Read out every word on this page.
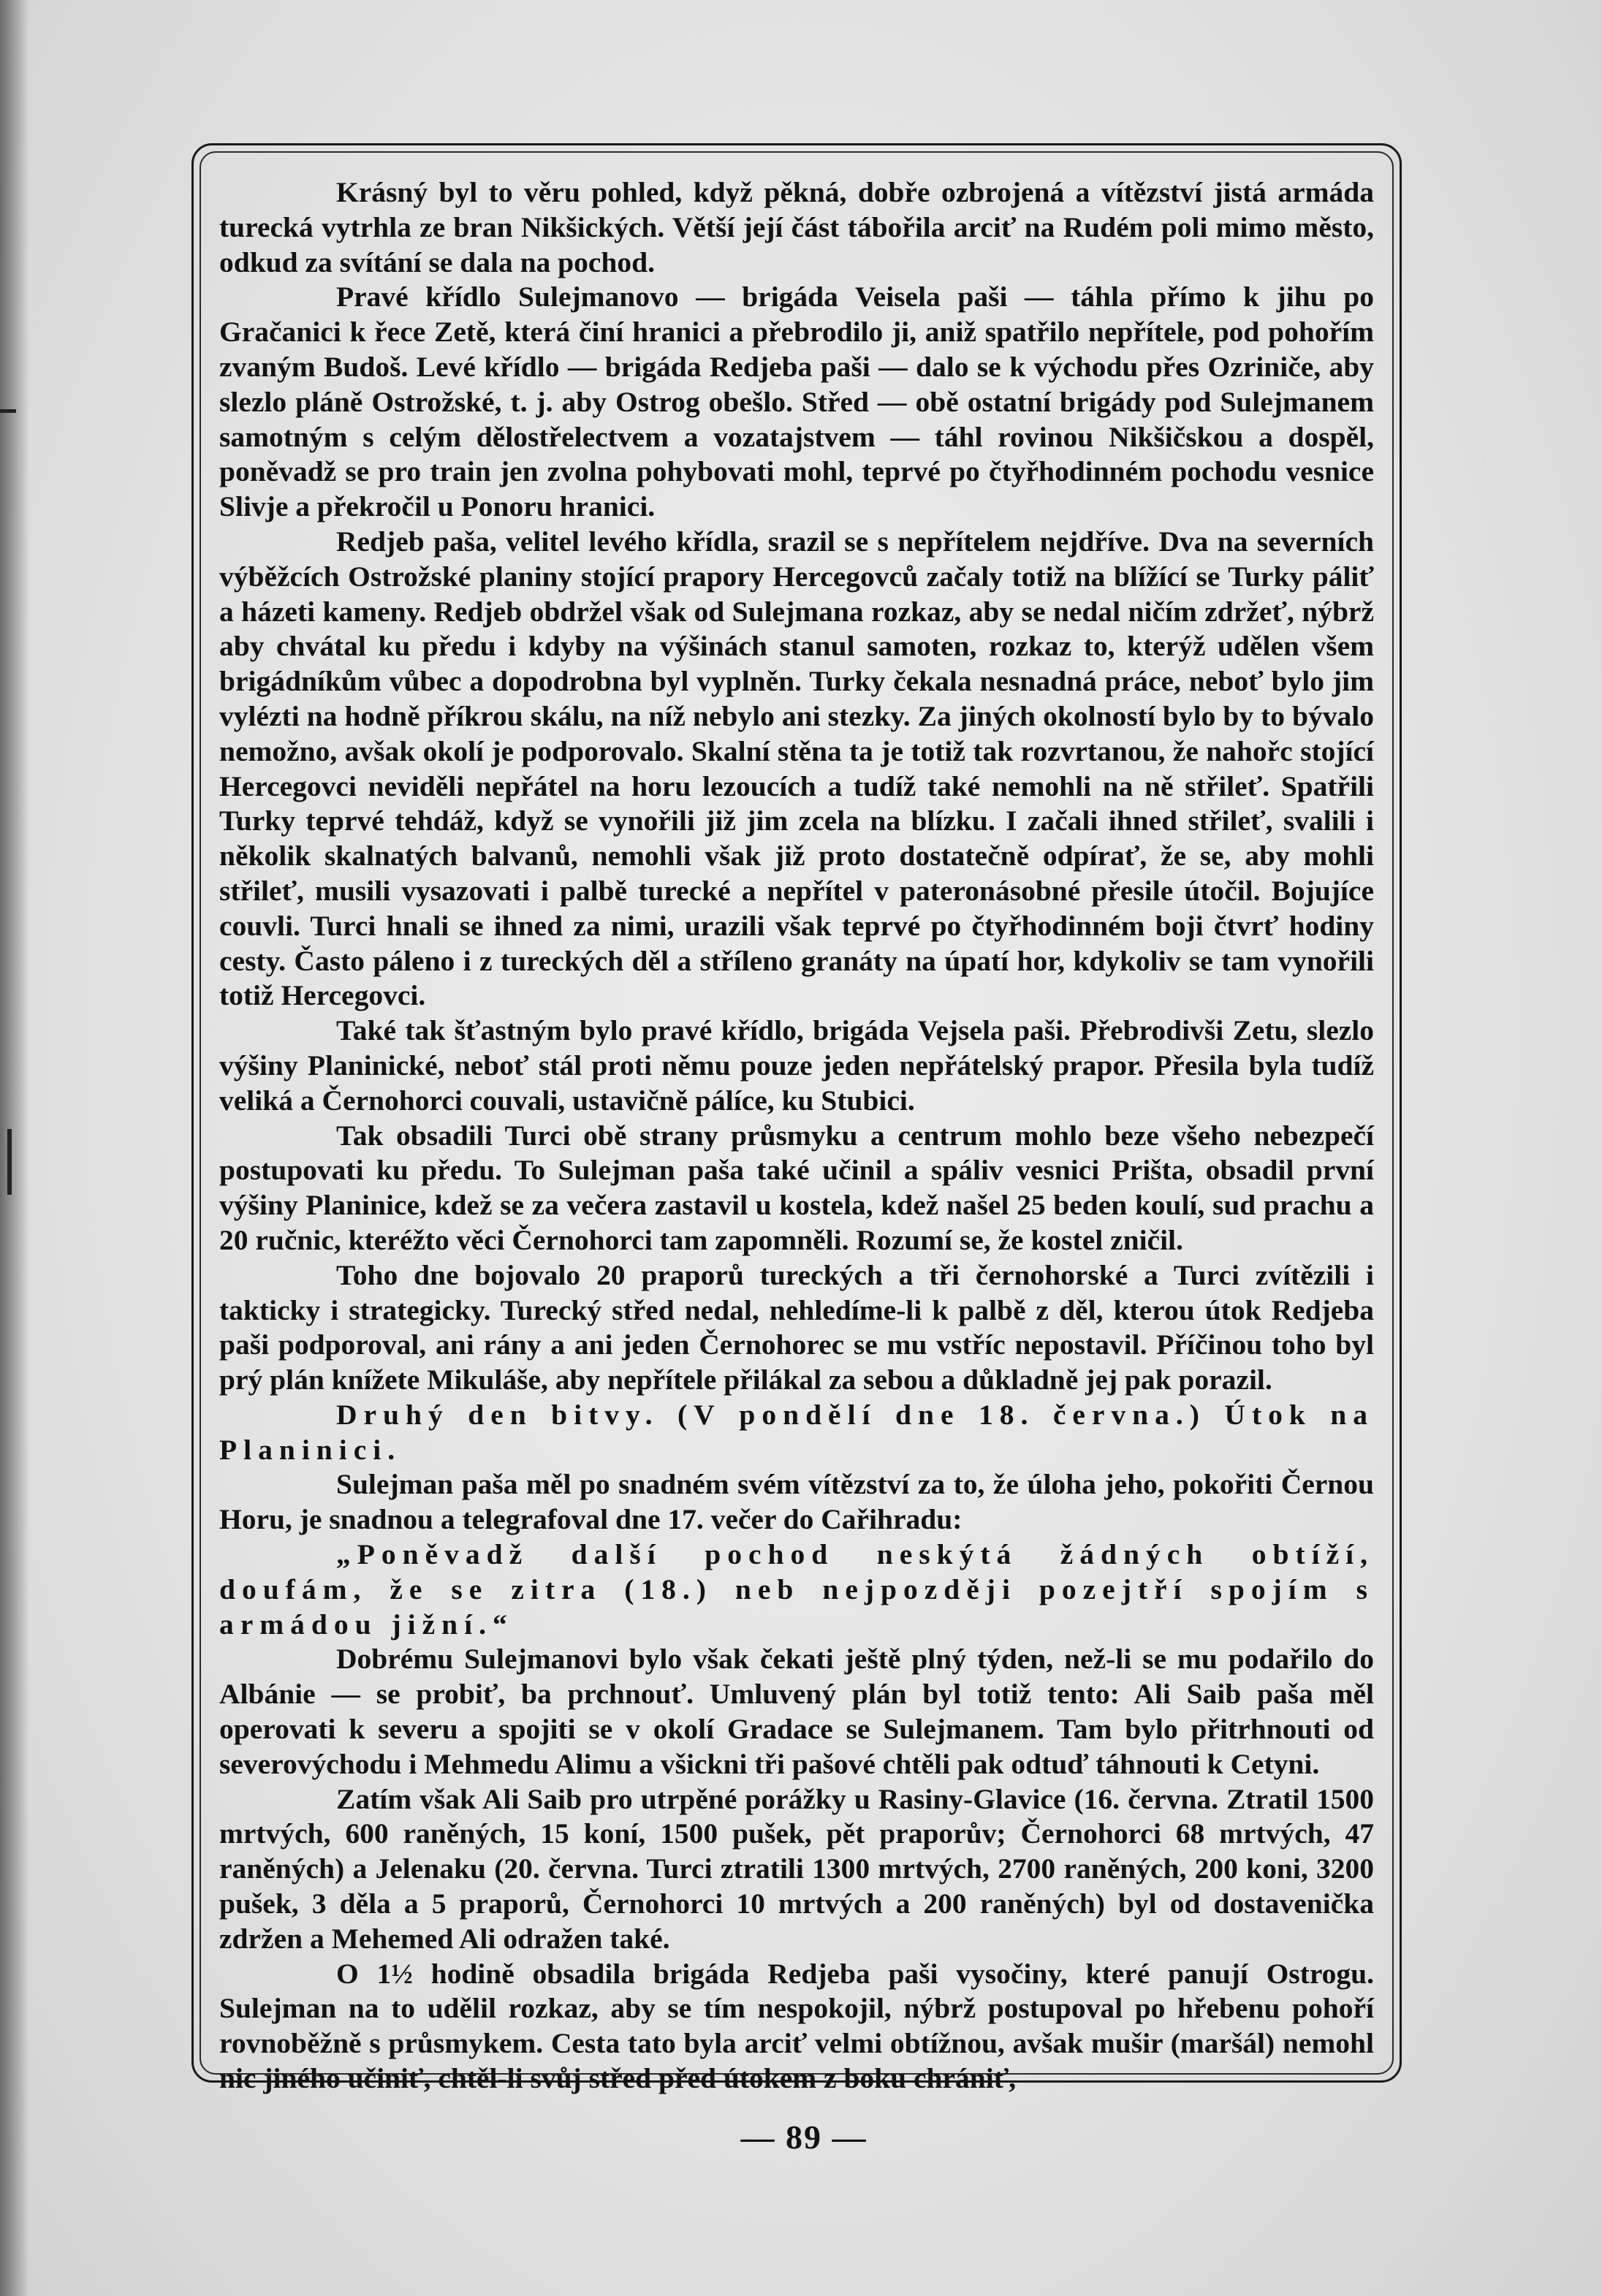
Krásný byl to věru pohled, když pěkná, dobře ozbrojená a vítězství jistá armáda turecká vytrhla ze bran Nikšických. Větší její část tábořila arciť na Rudém poli mimo město, odkud za svítání se dala na pochod.

Pravé křídlo Sulejmanovo — brigáda Veisela paši — táhla přímo k jihu po Gračanici k řece Zetě, která činí hranici a přebrodilo ji, aniž spatřilo nepřítele, pod pohořím zvaným Budoš. Levé křídlo — brigáda Redjeba paši — dalo se k východu přes Ozriniče, aby slezlo pláně Ostrožské, t. j. aby Ostrog obešlo. Střed — obě ostatní brigády pod Sulejmanem samotným s celým dělostřelectvem a vozatajstvem — táhl rovinou Nikšičskou a dospěl, poněvadž se pro train jen zvolna pohybovati mohl, teprvé po čtyřhodinném pochodu vesnice Slivje a překročil u Ponoru hranici.

Redjeb paša, velitel levého křídla, srazil se s nepřítelem nejdříve. Dva na severních výběžcích Ostrožské planiny stojící prapory Hercegovců začaly totiž na blížící se Turky páliť a házeti kameny. Redjeb obdržel však od Sulejmana rozkaz, aby se nedal ničím zdržeť, nýbrž aby chvátal ku předu i kdyby na výšinách stanul samoten, rozkaz to, kterýž udělen všem brigádníkům vůbec a dopodrobna byl vyplněn. Turky čekala nesnadná práce, neboť bylo jim vylézti na hodně příkrou skálu, na níž nebylo ani stezky. Za jiných okolností bylo by to bývalo nemožno, avšak okolí je podporovalo. Skalní stěna ta je totiž tak rozvrtanou, že nahořc stojící Hercegovci neviděli nepřátel na horu lezoucích a tudíž také nemohli na ně střileť. Spatřili Turky teprvé tehdáž, když se vynořili již jim zcela na blízku. I začali ihned střileť, svalili i několik skalnatých balvanů, nemohli však již proto dostatečně odpírať, že se, aby mohli střileť, musili vysazovati i palbě turecké a nepřítel v pateronásobné přesile útočil. Bojujíce couvli. Turci hnali se ihned za nimi, urazili však teprvé po čtyřhodinném boji čtvrť hodiny cesty. Často páleno i z tureckých děl a stříleno granáty na úpatí hor, kdykoliv se tam vynořili totiž Hercegovci.

Také tak šťastným bylo pravé křídlo, brigáda Vejsela paši. Přebrodivši Zetu, slezlo výšiny Planinické, neboť stál proti němu pouze jeden nepřátelský prapor. Přesila byla tudíž veliká a Černohorci couvali, ustavičně pálíce, ku Stubici.

Tak obsadili Turci obě strany průsmyku a centrum mohlo beze všeho nebezpečí postupovati ku předu. To Sulejman paša také učinil a spáliv vesnici Prišta, obsadil první výšiny Planinice, kdež se za večera zastavil u kostela, kdež našel 25 beden koulí, sud prachu a 20 ručnic, kteréžto věci Černohorci tam zapomněli. Rozumí se, že kostel zničil.

Toho dne bojovalo 20 praporů tureckých a tři černohorské a Turci zvítězili i takticky i strategicky. Turecký střed nedal, nehledíme-li k palbě z děl, kterou útok Redjeba paši podporoval, ani rány a ani jeden Černohorec se mu vstříc nepostavil. Příčinou toho byl prý plán knížete Mikuláše, aby nepřítele přilákal za sebou a důkladně jej pak porazil.

Druhý den bitvy. (V pondělí dne 18. června.) Útok na Planinici.

Sulejman paša měl po snadném svém vítězství za to, že úloha jeho, pokořiti Černou Horu, je snadnou a telegrafoval dne 17. večer do Cařihradu:

„Poněvadž další pochod neskýtá žádných obtíží, doufám, že se zitra (18.) neb nejpozději pozejtří spojím s armádou jižní.“

Dobrému Sulejmanovi bylo však čekati ještě plný týden, než-li se mu podařilo do Albánie — se probiť, ba prchnouť. Umluvený plán byl totiž tento: Ali Saib paša měl operovati k severu a spojiti se v okolí Gradace se Sulejmanem. Tam bylo přitrhnouti od severovýchodu i Mehmedu Alimu a všickni tři pašové chtěli pak odtuď táhnouti k Cetyni.

Zatím však Ali Saib pro utrpěné porážky u Rasiny-Glavice (16. června. Ztratil 1500 mrtvých, 600 raněných, 15 koní, 1500 pušek, pět praporův; Černohorci 68 mrtvých, 47 raněných) a Jelenaku (20. června. Turci ztratili 1300 mrtvých, 2700 raněných, 200 koni, 3200 pušek, 3 děla a 5 praporů, Černohorci 10 mrtvých a 200 raněných) byl od dostavenička zdržen a Mehemed Ali odražen také.

O 1½ hodině obsadila brigáda Redjeba paši vysočiny, které panují Ostrogu. Sulejman na to udělil rozkaz, aby se tím nespokojil, nýbrž postupoval po hřebenu pohoří rovnoběžně s průsmykem. Cesta tato byla arciť velmi obtížnou, avšak mušir (maršál) nemohl nic jiného učiniť, chtěl-li svůj střed před útokem z boku chrániť,

— 89 —
